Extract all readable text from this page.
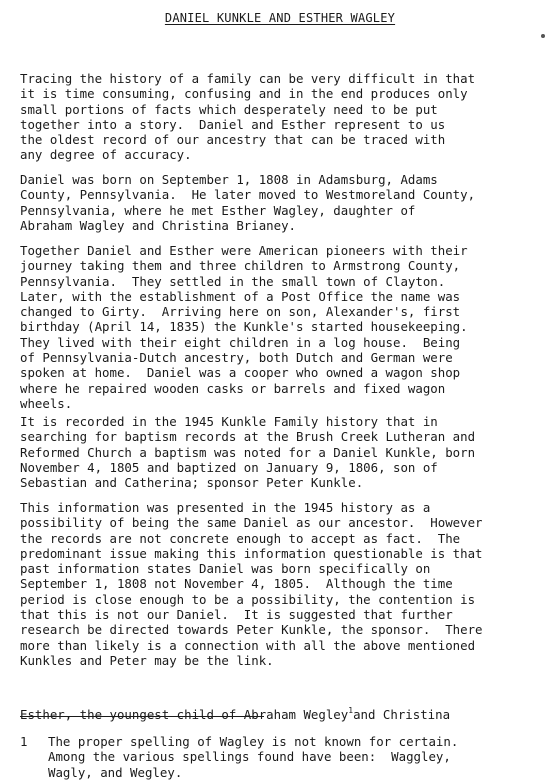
DANIEL KUNKLE AND ESTHER WAGLEY

Tracing the history of a family can be very difficult in that
it is time consuming, confusing and in the end produces only
small portions of facts which desperately need to be put
together into a story.  Daniel and Esther represent to us
the oldest record of our ancestry that can be traced with
any degree of accuracy.

Daniel was born on September 1, 1808 in Adamsburg, Adams
County, Pennsylvania.  He later moved to Westmoreland County,
Pennsylvania, where he met Esther Wagley, daughter of
Abraham Wagley and Christina Brianey.

Together Daniel and Esther were American pioneers with their
journey taking them and three children to Armstrong County,
Pennsylvania.  They settled in the small town of Clayton.
Later, with the establishment of a Post Office the name was
changed to Girty.  Arriving here on son, Alexander's, first
birthday (April 14, 1835) the Kunkle's started housekeeping.
They lived with their eight children in a log house.  Being
of Pennsylvania-Dutch ancestry, both Dutch and German were
spoken at home.  Daniel was a cooper who owned a wagon shop
where he repaired wooden casks or barrels and fixed wagon
wheels.

It is recorded in the 1945 Kunkle Family history that in
searching for baptism records at the Brush Creek Lutheran and
Reformed Church a baptism was noted for a Daniel Kunkle, born
November 4, 1805 and baptized on January 9, 1806, son of
Sebastian and Catherina; sponsor Peter Kunkle.

This information was presented in the 1945 history as a
possibility of being the same Daniel as our ancestor.  However
the records are not concrete enough to accept as fact.  The
predominant issue making this information questionable is that
past information states Daniel was born specifically on
September 1, 1808 not November 4, 1805.  Although the time
period is close enough to be a possibility, the contention is
that this is not our Daniel.  It is suggested that further
research be directed towards Peter Kunkle, the sponsor.  There
more than likely is a connection with all the above mentioned
Kunkles and Peter may be the link.

Esther, the youngest child of Abraham Wegley$^1$and Christina

1 The proper spelling of Wagley is not known for certain.
Among the various spellings found have been:  Waggley,
Wagly, and Wegley.
